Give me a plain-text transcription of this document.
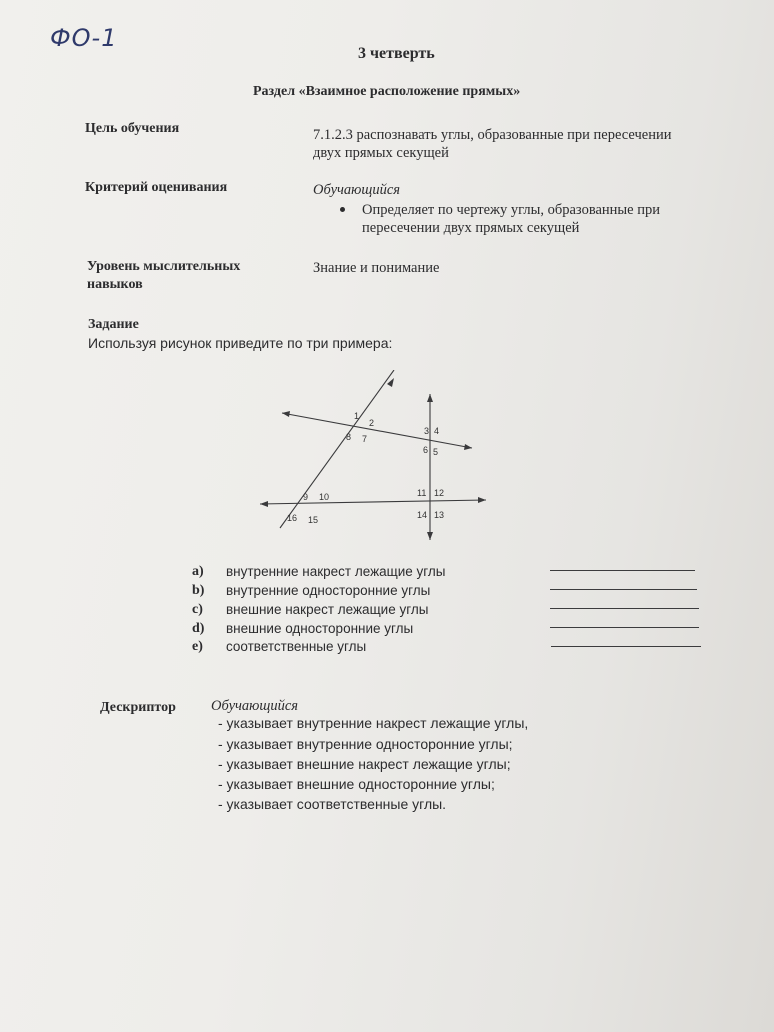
ФО-1
3 четверть
Раздел «Взаимное расположение прямых»
Цель обучения	7.1.2.3 распознавать углы, образованные при пересечении
двух прямых секущей
Критерий оценивания	Обучающийся
Определяет по чертежу углы, образованные при
пересечении двух прямых секущей
Уровень мыслительных
навыков
Знание и понимание
Задание
Используя рисунок приведите по три примера:
1
2
8 7
3 4
6 5
9 10
16 15
11 12
14 13
a) внутренние накрест лежащие углы
b) внутренние односторонние углы
c) внешние накрест лежащие углы
d) внешние односторонние углы
e) соответственные углы
Дескриптор Обучающийся
- указывает внутренние накрест лежащие углы,
- указывает внутренние односторонние углы;
- указывает внешние накрест лежащие углы;
- указывает внешние односторонние углы;
- указывает соответственные углы.
